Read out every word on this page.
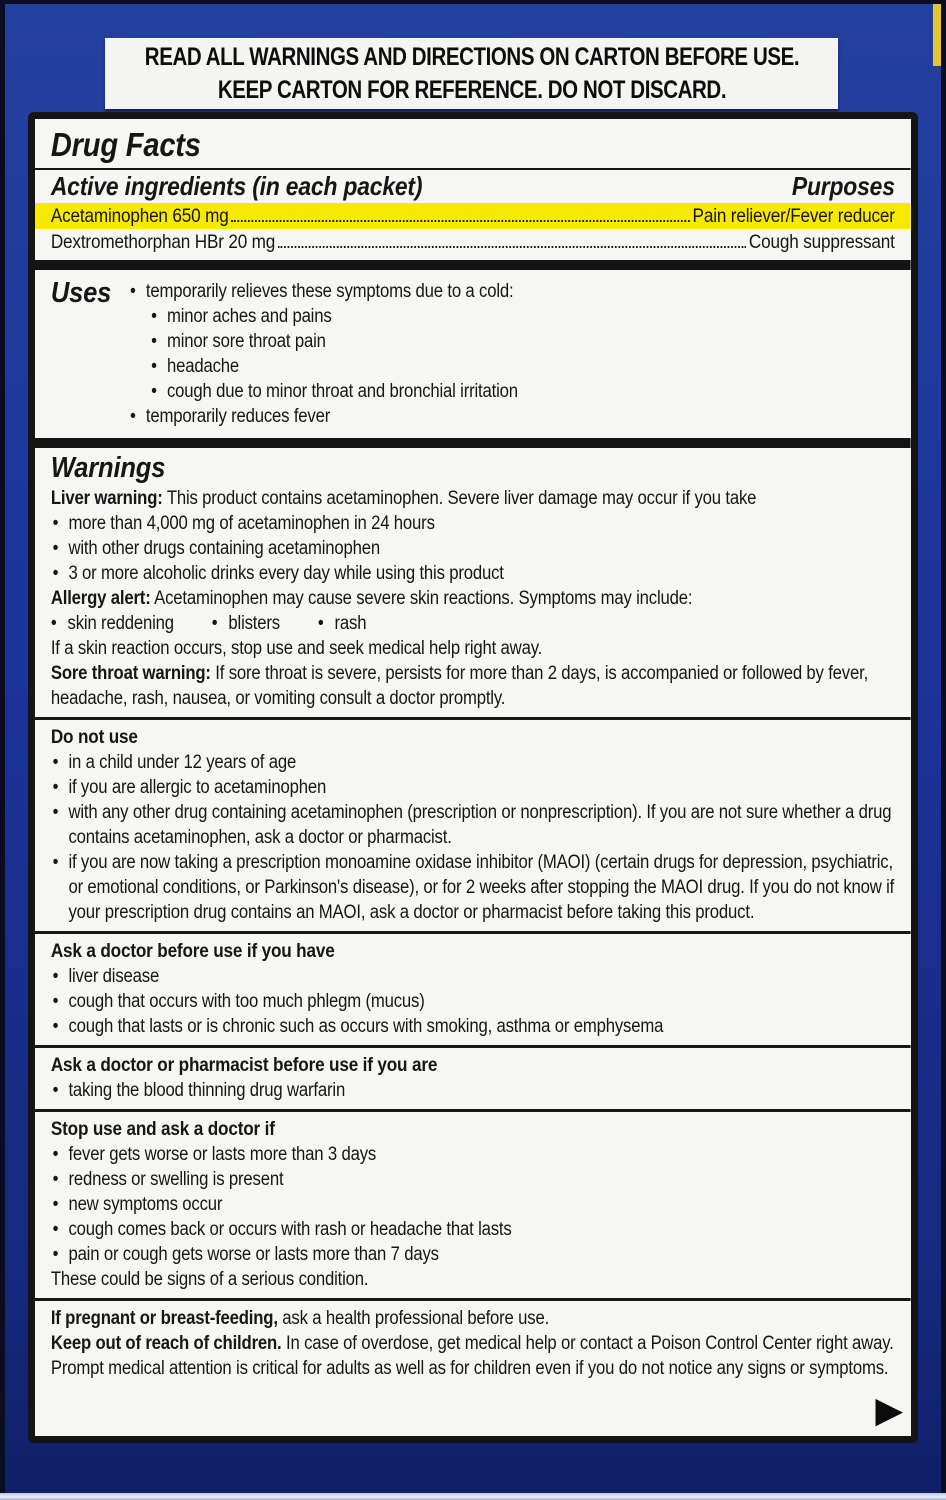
READ ALL WARNINGS AND DIRECTIONS ON CARTON BEFORE USE.
KEEP CARTON FOR REFERENCE. DO NOT DISCARD.
Drug Facts
Active ingredients (in each packet)	Purposes
Acetaminophen 650 mg	Pain reliever/Fever reducer
Dextromethorphan HBr 20 mg	Cough suppressant
Uses	• temporarily relieves these symptoms due to a cold:
• minor aches and pains
• minor sore throat pain
• headache
• cough due to minor throat and bronchial irritation
• temporarily reduces fever
Warnings

Liver warning: This product contains acetaminophen. Severe liver damage may occur if you take

• more than 4,000 mg of acetaminophen in 24 hours
• with other drugs containing acetaminophen
• 3 or more alcoholic drinks every day while using this product

Allergy alert: Acetaminophen may cause severe skin reactions. Symptoms may include:

• skin reddening	• blisters	• rash

If a skin reaction occurs, stop use and seek medical help right away.

Sore throat warning: If sore throat is severe, persists for more than 2 days, is accompanied or followed by fever, headache, rash, nausea, or vomiting consult a doctor promptly.

Do not use
• in a child under 12 years of age
• if you are allergic to acetaminophen
• with any other drug containing acetaminophen (prescription or nonprescription). If you are not sure whether a drug contains acetaminophen, ask a doctor or pharmacist.
• if you are now taking a prescription monoamine oxidase inhibitor (MAOI) (certain drugs for depression, psychiatric, or emotional conditions, or Parkinson's disease), or for 2 weeks after stopping the MAOI drug. If you do not know if your prescription drug contains an MAOI, ask a doctor or pharmacist before taking this product.
Ask a doctor before use if you have
• liver disease
• cough that occurs with too much phlegm (mucus)
• cough that lasts or is chronic such as occurs with smoking, asthma or emphysema
Ask a doctor or pharmacist before use if you are
• taking the blood thinning drug warfarin
Stop use and ask a doctor if
• fever gets worse or lasts more than 3 days
• redness or swelling is present
• new symptoms occur
• cough comes back or occurs with rash or headache that lasts
• pain or cough gets worse or lasts more than 7 days

These could be signs of a serious condition.

If pregnant or breast-feeding, ask a health professional before use.

Keep out of reach of children. In case of overdose, get medical help or contact a Poison Control Center right away. Prompt medical attention is critical for adults as well as for children even if you do not notice any signs or symptoms.

▶
